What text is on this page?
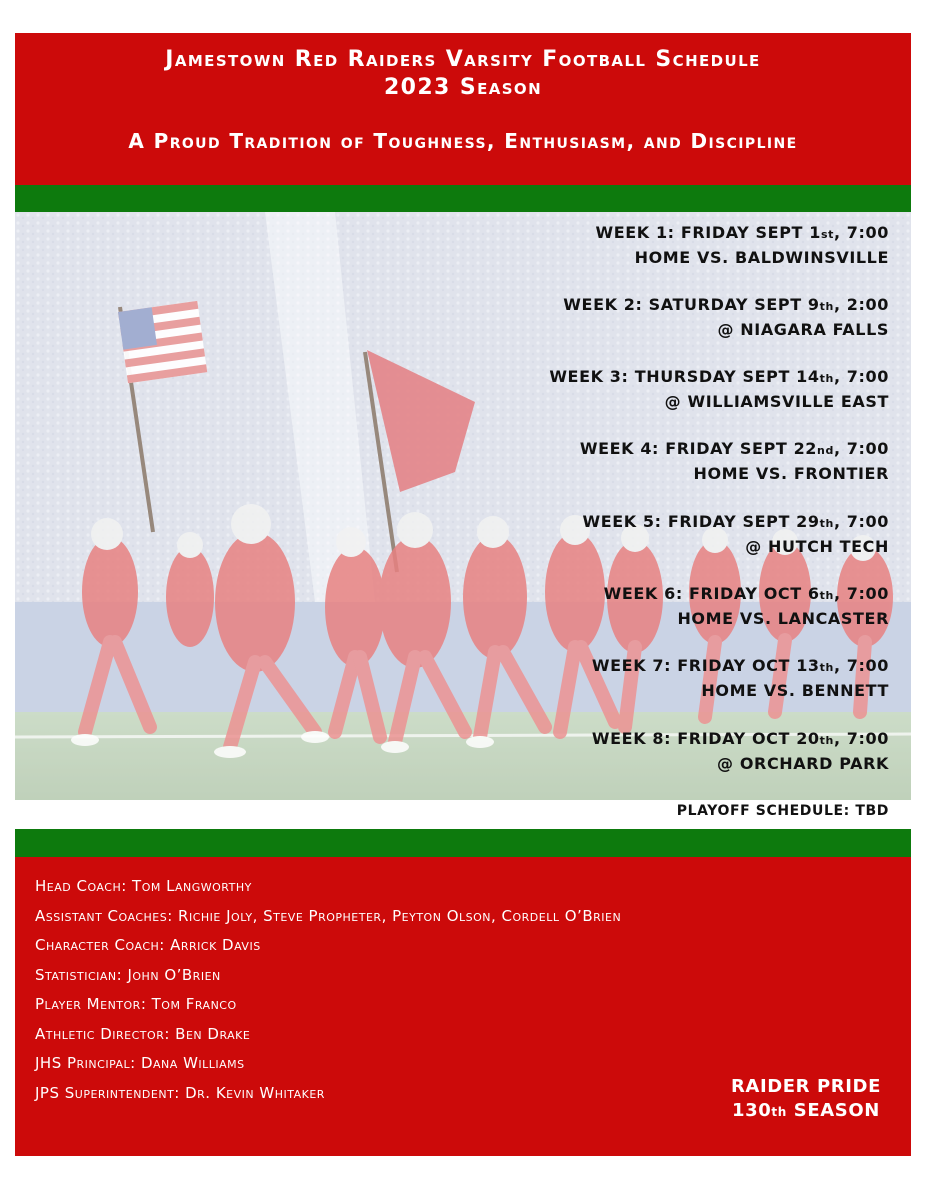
Jamestown Red Raiders Varsity Football Schedule
2023 Season
A Proud Tradition of Toughness, Enthusiasm, and Discipline
WEEK 1: FRIDAY SEPT 1st, 7:00
HOME VS. BALDWINSVILLE
WEEK 2: SATURDAY SEPT 9th, 2:00
@ NIAGARA FALLS
WEEK 3: THURSDAY SEPT 14th, 7:00
@ WILLIAMSVILLE EAST
WEEK 4: FRIDAY SEPT 22nd, 7:00
HOME VS. FRONTIER
WEEK 5: FRIDAY SEPT 29th, 7:00
@ HUTCH TECH
WEEK 6: FRIDAY OCT 6th, 7:00
HOME VS. LANCASTER
WEEK 7: FRIDAY OCT 13th, 7:00
HOME VS. BENNETT
WEEK 8: FRIDAY OCT 20th, 7:00
@ ORCHARD PARK
PLAYOFF SCHEDULE: TBD
Head Coach: Tom Langworthy
Assistant Coaches: Richie Joly, Steve Propheter, Peyton Olson, Cordell O’Brien
Character Coach: Arrick Davis
Statistician: John O’Brien
Player Mentor: Tom Franco
Athletic Director: Ben Drake
JHS Principal: Dana Williams
JPS Superintendent: Dr. Kevin Whitaker	RAIDER PRIDE
130th SEASON
